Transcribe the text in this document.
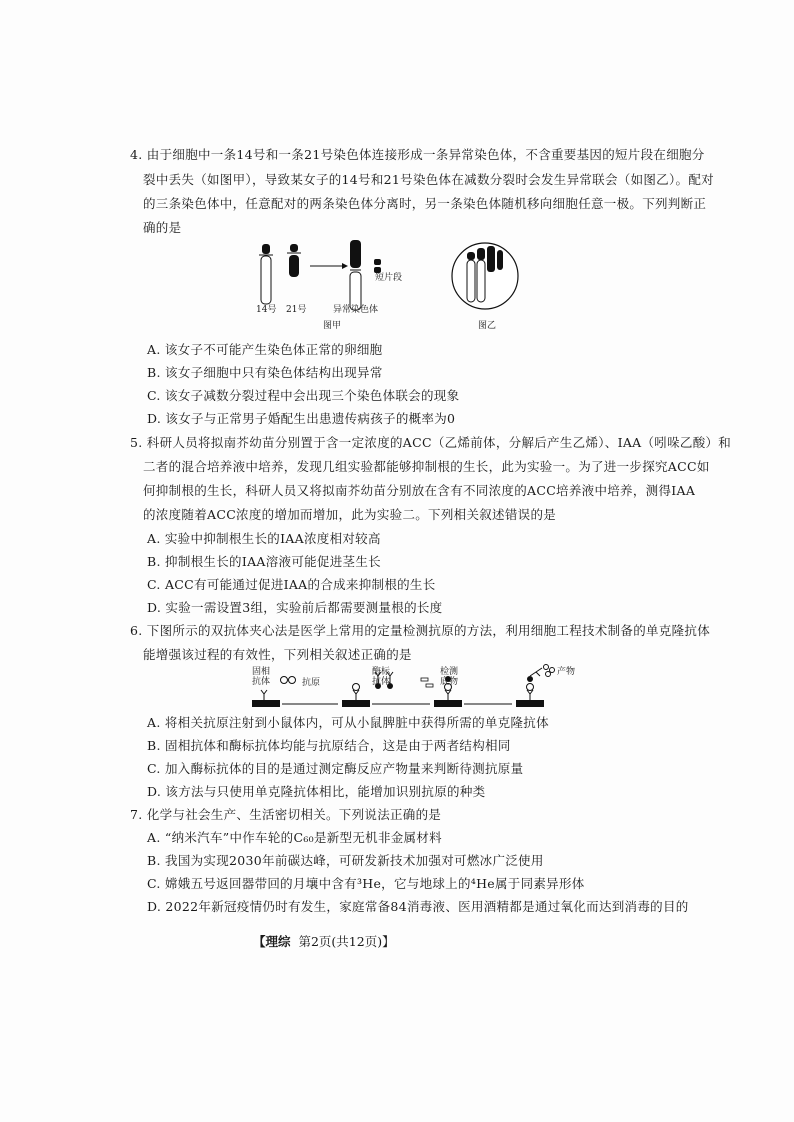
4. 由于细胞中一条14号和一条21号染色体连接形成一条异常染色体，不含重要基因的短片段在细胞分
裂中丢失（如图甲），导致某女子的14号和21号染色体在减数分裂时会发生异常联会（如图乙）。配对
的三条染色体中，任意配对的两条染色体分离时，另一条染色体随机移向细胞任意一极。下列判断正
确的是
14号 21号	异常染色体
短片段
图甲	图乙
A. 该女子不可能产生染色体正常的卵细胞
B. 该女子细胞中只有染色体结构出现异常
C. 该女子减数分裂过程中会出现三个染色体联会的现象
D. 该女子与正常男子婚配生出患遗传病孩子的概率为0
5. 科研人员将拟南芥幼苗分别置于含一定浓度的ACC（乙烯前体，分解后产生乙烯）、IAA（吲哚乙酸）和
二者的混合培养液中培养，发现几组实验都能够抑制根的生长，此为实验一。为了进一步探究ACC如
何抑制根的生长，科研人员又将拟南芥幼苗分别放在含有不同浓度的ACC培养液中培养，测得IAA
的浓度随着ACC浓度的增加而增加，此为实验二。下列相关叙述错误的是
A. 实验中抑制根生长的IAA浓度相对较高
B. 抑制根生长的IAA溶液可能促进茎生长
C. ACC有可能通过促进IAA的合成来抑制根的生长
D. 实验一需设置3组，实验前后都需要测量根的长度
6. 下图所示的双抗体夹心法是医学上常用的定量检测抗原的方法，利用细胞工程技术制备的单克隆抗体
能增强该过程的有效性，下列相关叙述正确的是
固相
抗体	抗原
酶标
抗体
检测
底物
产物
A. 将相关抗原注射到小鼠体内，可从小鼠脾脏中获得所需的单克隆抗体
B. 固相抗体和酶标抗体均能与抗原结合，这是由于两者结构相同
C. 加入酶标抗体的目的是通过测定酶反应产物量来判断待测抗原量
D. 该方法与只使用单克隆抗体相比，能增加识别抗原的种类
7. 化学与社会生产、生活密切相关。下列说法正确的是
A. “纳米汽车”中作车轮的C₆₀是新型无机非金属材料
B. 我国为实现2030年前碳达峰，可研发新技术加强对可燃冰广泛使用
C. 嫦娥五号返回器带回的月壤中含有³He，它与地球上的⁴He属于同素异形体
D. 2022年新冠疫情仍时有发生，家庭常备84消毒液、医用酒精都是通过氧化而达到消毒的目的
【理综 第2页(共12页)】
